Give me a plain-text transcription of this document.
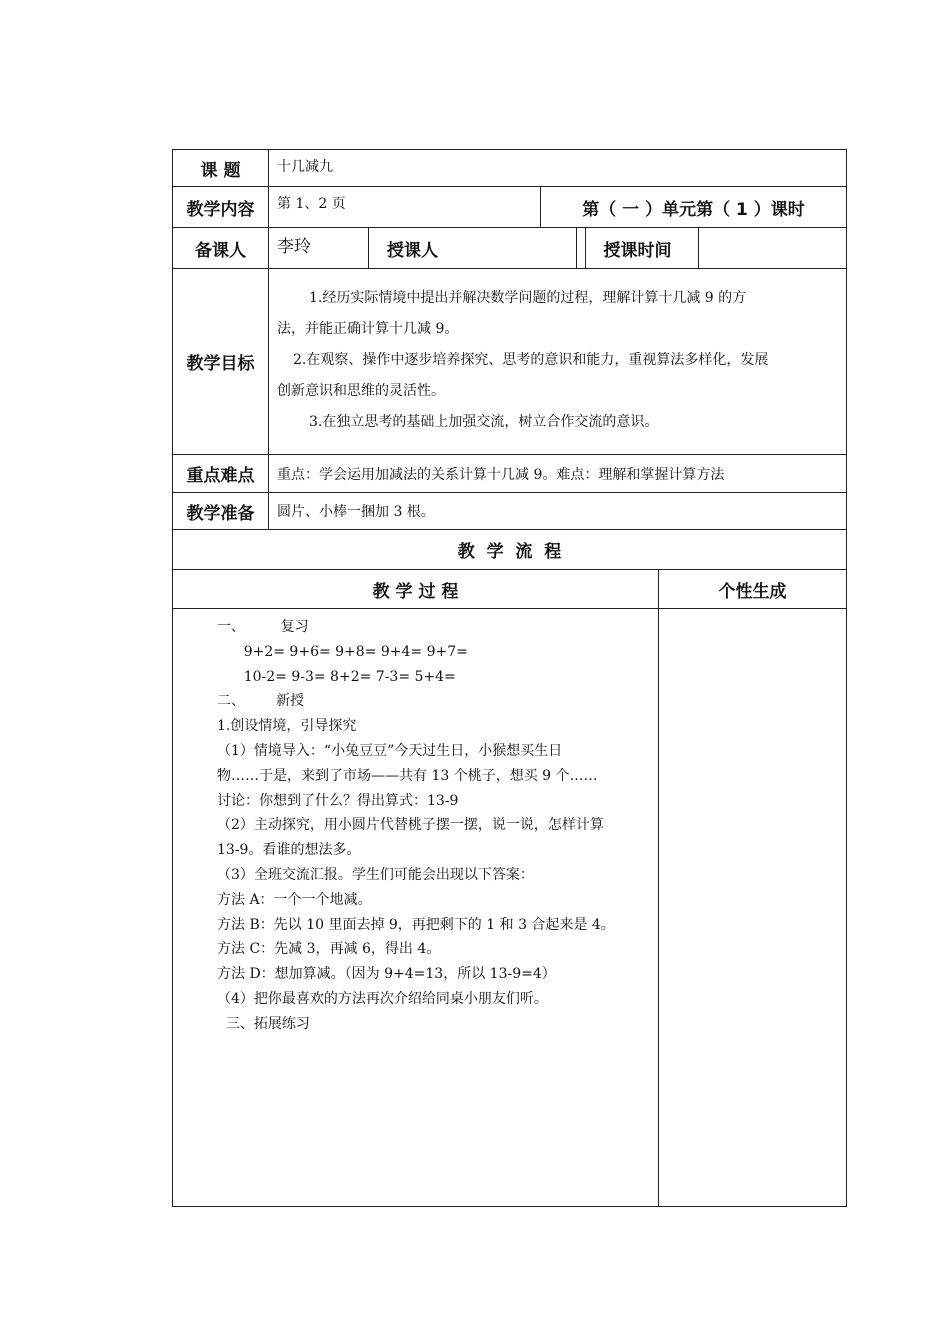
课 题	十几减九
教学内容	第 1、2 页	第（ 一 ）单元第（ 1 ）课时
备课人	李玲	授课人	授课时间
教学目标

1.经历实际情境中提出并解决数学问题的过程，理解计算十几减 9 的方

法，并能正确计算十几减 9。

2.在观察、操作中逐步培养探究、思考的意识和能力，重视算法多样化，发展

创新意识和思维的灵活性。

3.在独立思考的基础上加强交流，树立合作交流的意识。

重点难点	重点：学会运用加减法的关系计算十几减 9。难点：理解和掌握计算方法
教学准备	圆片、小棒一捆加 3 根。
教  学  流  程
教 学 过 程	个性生成
一、        复习
9+2= 9+6= 9+8= 9+4= 9+7=
10-2= 9-3= 8+2= 7-3= 5+4=
二、       新授
1.创设情境，引导探究
（1）情境导入：“小兔豆豆”今天过生日，小猴想买生日
物……于是，来到了市场——共有 13 个桃子，想买 9 个……
讨论：你想到了什么？得出算式：13-9
（2）主动探究，用小圆片代替桃子摆一摆，说一说，怎样计算
13-9。看谁的想法多。
（3）全班交流汇报。学生们可能会出现以下答案：
方法 A：一个一个地减。
方法 B：先以 10 里面去掉 9，再把剩下的 1 和 3 合起来是 4。
方法 C：先减 3，再减 6，得出 4。
方法 D：想加算减。（因为 9+4=13，所以 13-9=4）
（4）把你最喜欢的方法再次介绍给同桌小朋友们听。
三、拓展练习
